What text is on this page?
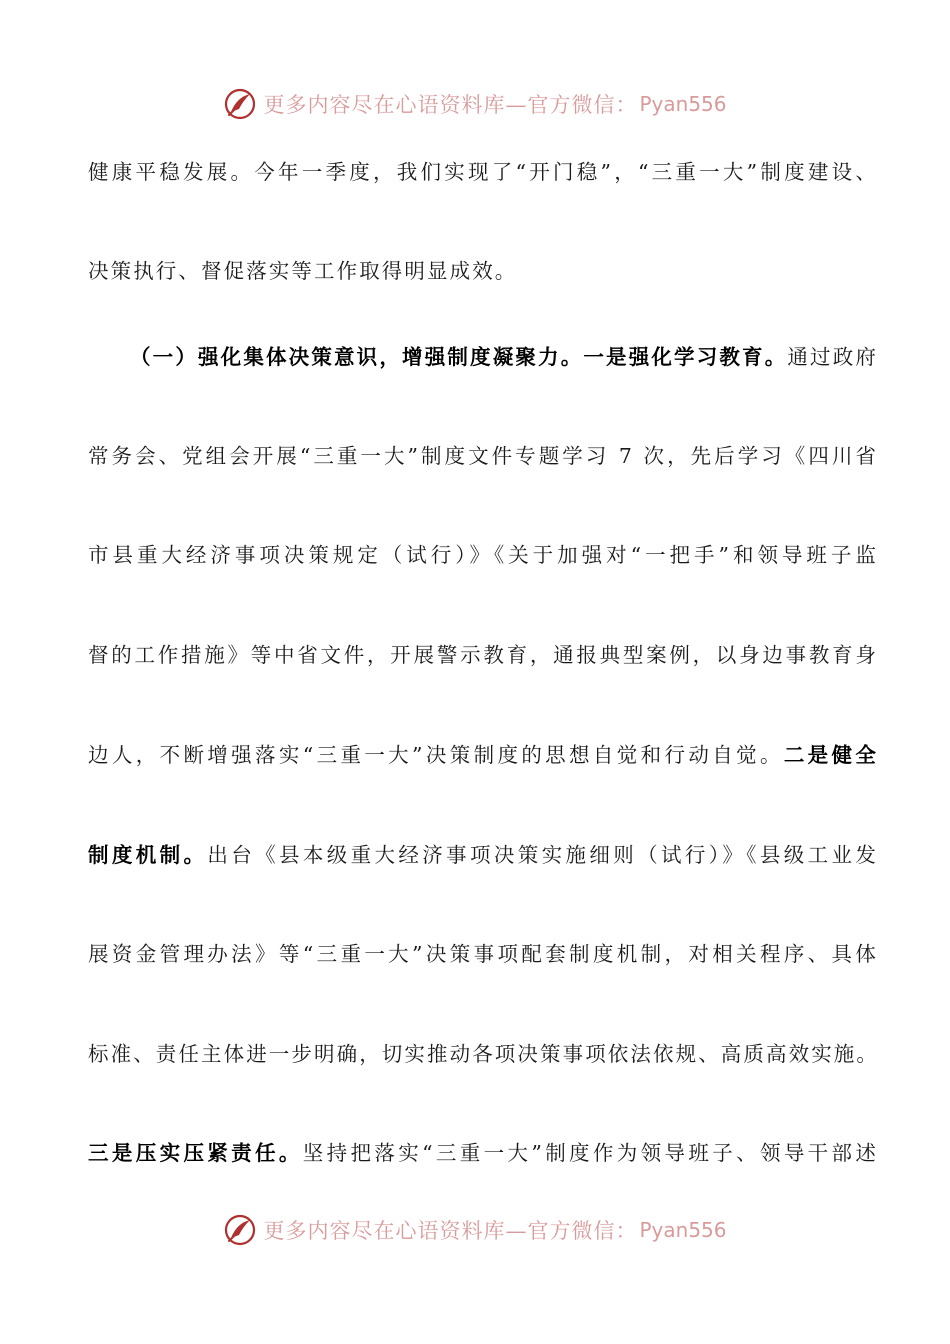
更多内容尽在心语资料库—官方微信： Pyan556
健康平稳发展。今年一季度，我们实现了“开门稳”，“三重一大”制度建设、
决策执行、督促落实等工作取得明显成效。
（一）强化集体决策意识，增强制度凝聚力。一是强化学习教育。通过政府
常务会、党组会开展“三重一大”制度文件专题学习 7 次，先后学习《四川省
市县重大经济事项决策规定（试行）》《关于加强对“一把手”和领导班子监
督的工作措施》等中省文件，开展警示教育，通报典型案例，以身边事教育身
边人，不断增强落实“三重一大”决策制度的思想自觉和行动自觉。二是健全
制度机制。出台《县本级重大经济事项决策实施细则（试行）》《县级工业发
展资金管理办法》等“三重一大”决策事项配套制度机制，对相关程序、具体
标准、责任主体进一步明确，切实推动各项决策事项依法依规、高质高效实施。
三是压实压紧责任。坚持把落实“三重一大”制度作为领导班子、领导干部述
更多内容尽在心语资料库—官方微信： Pyan556
